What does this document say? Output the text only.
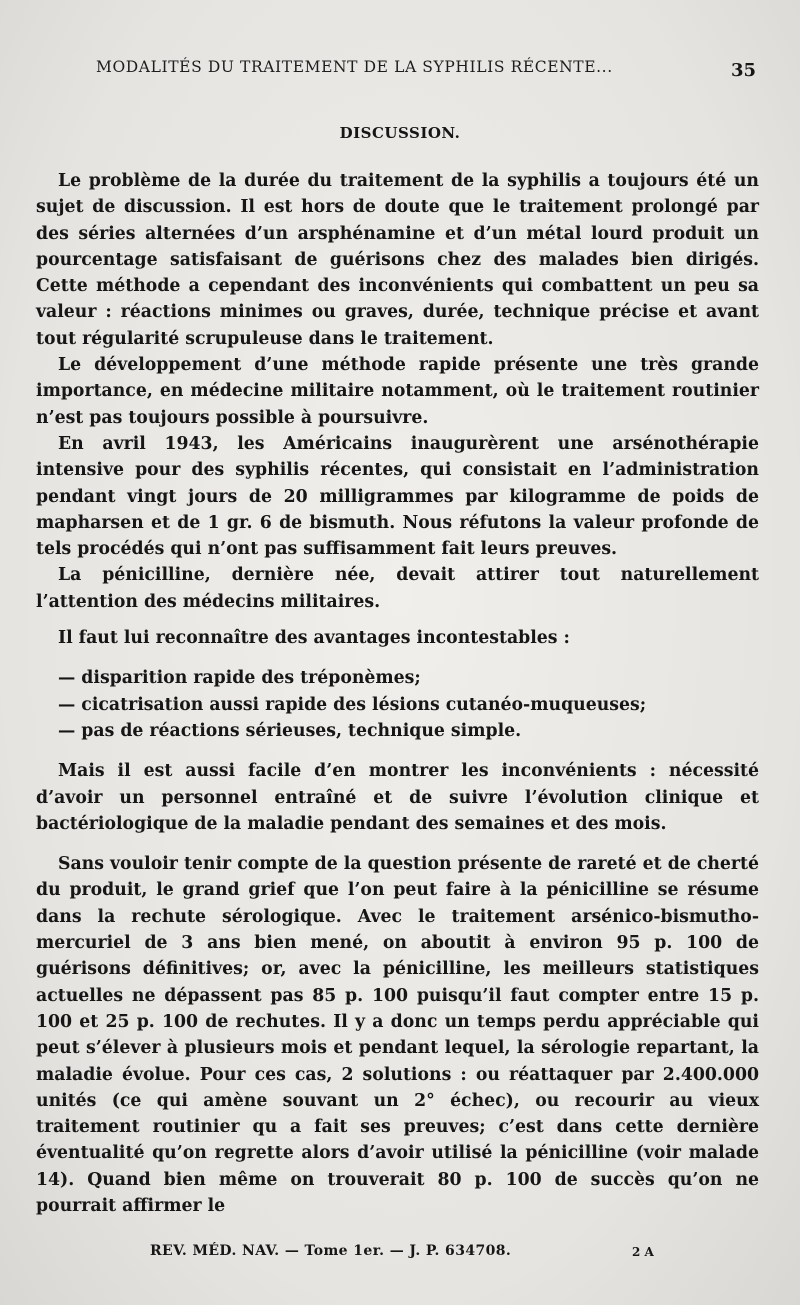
MODALITÉS DU TRAITEMENT DE LA SYPHILIS RÉCENTE...	35
DISCUSSION.

Le problème de la durée du traitement de la syphilis a toujours été un sujet de discussion. Il est hors de doute que le traitement prolongé par des séries alternées d’un arsphénamine et d’un métal lourd produit un pourcentage satisfaisant de guérisons chez des malades bien dirigés. Cette méthode a cependant des inconvénients qui combattent un peu sa valeur : réactions minimes ou graves, durée, technique précise et avant tout régularité scrupuleuse dans le traitement.

Le développement d’une méthode rapide présente une très grande importance, en médecine militaire notamment, où le traitement routinier n’est pas toujours possible à poursuivre.

En avril 1943, les Américains inaugurèrent une arsénothérapie intensive pour des syphilis récentes, qui consistait en l’administration pendant vingt jours de 20 milligrammes par kilogramme de poids de mapharsen et de 1 gr. 6 de bismuth. Nous réfutons la valeur profonde de tels procédés qui n’ont pas suffisamment fait leurs preuves.

La pénicilline, dernière née, devait attirer tout naturellement l’attention des médecins militaires.

Il faut lui reconnaître des avantages incontestables :

— disparition rapide des tréponèmes;

— cicatrisation aussi rapide des lésions cutanéo-muqueuses;

— pas de réactions sérieuses, technique simple.

Mais il est aussi facile d’en montrer les inconvénients : nécessité d’avoir un personnel entraîné et de suivre l’évolution clinique et bactériologique de la maladie pendant des semaines et des mois.

Sans vouloir tenir compte de la question présente de rareté et de cherté du produit, le grand grief que l’on peut faire à la pénicilline se résume dans la rechute sérologique. Avec le traitement arsénico-bismutho-mercuriel de 3 ans bien mené, on aboutit à environ 95 p. 100 de guérisons définitives; or, avec la pénicilline, les meilleurs statistiques actuelles ne dépassent pas 85 p. 100 puisqu’il faut compter entre 15 p. 100 et 25 p. 100 de rechutes. Il y a donc un temps perdu appréciable qui peut s’élever à plusieurs mois et pendant lequel, la sérologie repartant, la maladie évolue. Pour ces cas, 2 solutions : ou réattaquer par 2.400.000 unités (ce qui amène souvant un 2° échec), ou recourir au vieux traitement routinier qu a fait ses preuves; c’est dans cette dernière éventualité qu’on regrette alors d’avoir utilisé la pénicilline (voir malade 14). Quand bien même on trouverait 80 p. 100 de succès qu’on ne pourrait affirmer le

REV. MÉD. NAV. — Tome 1er. — J. P. 634708.	2 A
